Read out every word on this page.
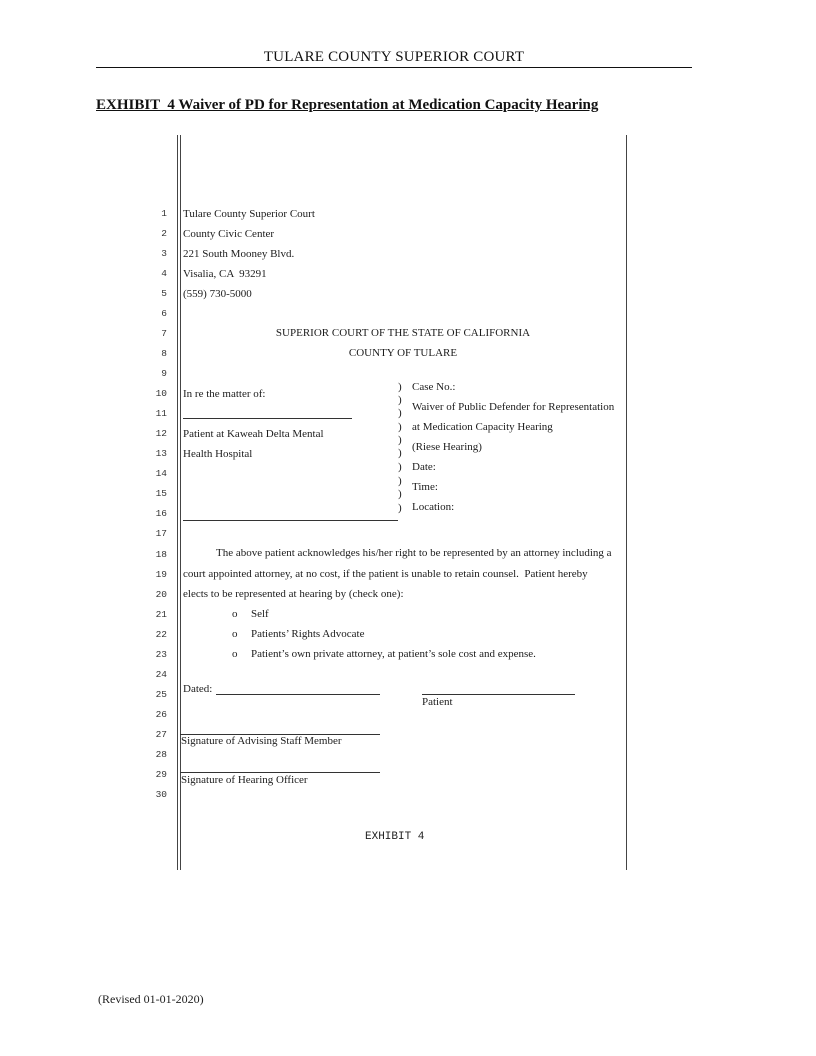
TULARE COUNTY SUPERIOR COURT
EXHIBIT  4 Waiver of PD for Representation at Medication Capacity Hearing
1
2
3
4
5
6
7
8
9
10
11
12
13
14
15
16
17
18
19
20
21
22
23
24
25
26
27
28
29
30
Tulare County Superior Court
County Civic Center
221 South Mooney Blvd.
Visalia, CA  93291
(559) 730-5000
SUPERIOR COURT OF THE STATE OF CALIFORNIA
COUNTY OF TULARE
In re the matter of:
Patient at Kaweah Delta Mental
Health Hospital
)
)
)
)
)
)
)
)
)
)
Case No.:
Waiver of Public Defender for Representation
at Medication Capacity Hearing
(Riese Hearing)
Date:
Time:
Location:
The above patient acknowledges his/her right to be represented by an attorney including a
court appointed attorney, at no cost, if the patient is unable to retain counsel.  Patient hereby
elects to be represented at hearing by (check one):
o Self
o Patients’ Rights Advocate
o Patient’s own private attorney, at patient’s sole cost and expense.
Dated:
Patient
Signature of Advising Staff Member
Signature of Hearing Officer
EXHIBIT 4
(Revised 01-01-2020)
